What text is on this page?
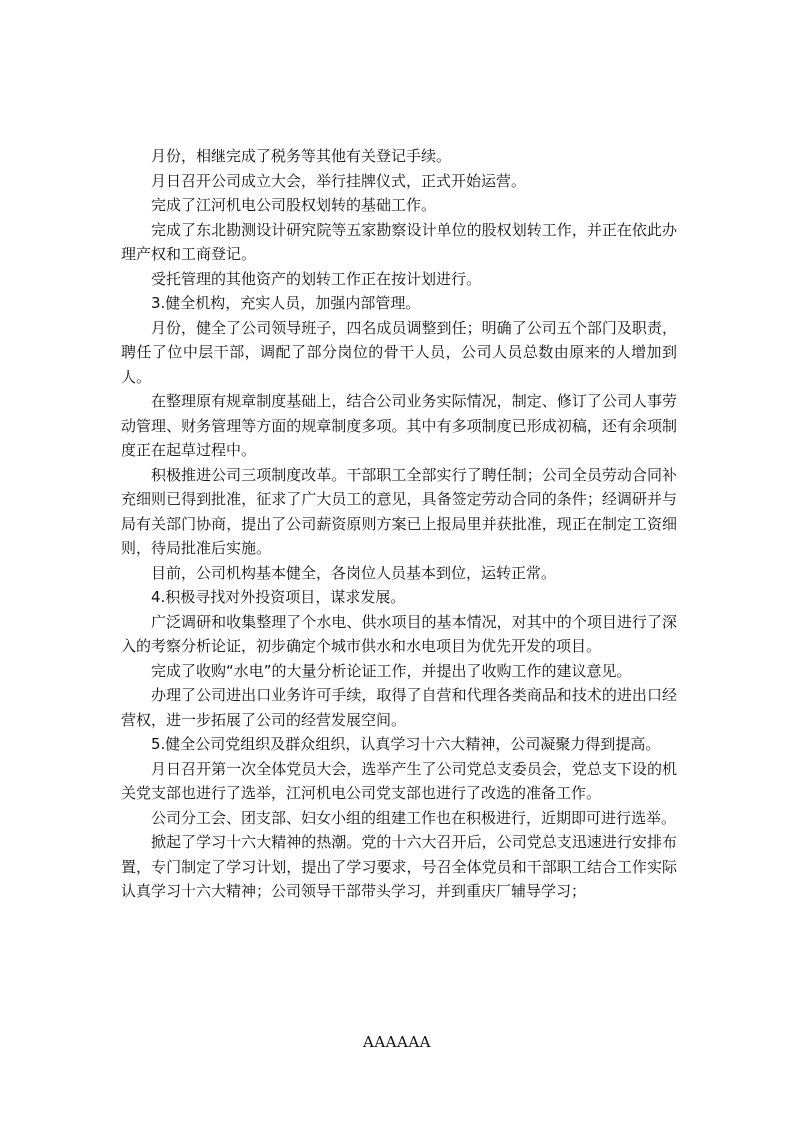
月份，相继完成了税务等其他有关登记手续。

月日召开公司成立大会，举行挂牌仪式，正式开始运营。

完成了江河机电公司股权划转的基础工作。

完成了东北勘测设计研究院等五家勘察设计单位的股权划转工作，并正在依此办理产权和工商登记。

受托管理的其他资产的划转工作正在按计划进行。

3.健全机构，充实人员，加强内部管理。

月份，健全了公司领导班子，四名成员调整到任；明确了公司五个部门及职责，聘任了位中层干部，调配了部分岗位的骨干人员，公司人员总数由原来的人增加到人。

在整理原有规章制度基础上，结合公司业务实际情况，制定、修订了公司人事劳动管理、财务管理等方面的规章制度多项。其中有多项制度已形成初稿，还有余项制度正在起草过程中。

积极推进公司三项制度改革。干部职工全部实行了聘任制；公司全员劳动合同补充细则已得到批准，征求了广大员工的意见，具备签定劳动合同的条件；经调研并与局有关部门协商，提出了公司薪资原则方案已上报局里并获批准，现正在制定工资细则，待局批准后实施。

目前，公司机构基本健全，各岗位人员基本到位，运转正常。

4.积极寻找对外投资项目，谋求发展。

广泛调研和收集整理了个水电、供水项目的基本情况，对其中的个项目进行了深入的考察分析论证，初步确定个城市供水和水电项目为优先开发的项目。

完成了收购“水电”的大量分析论证工作，并提出了收购工作的建议意见。

办理了公司进出口业务许可手续，取得了自营和代理各类商品和技术的进出口经营权，进一步拓展了公司的经营发展空间。

5.健全公司党组织及群众组织，认真学习十六大精神，公司凝聚力得到提高。

月日召开第一次全体党员大会，选举产生了公司党总支委员会，党总支下设的机关党支部也进行了选举，江河机电公司党支部也进行了改选的准备工作。

公司分工会、团支部、妇女小组的组建工作也在积极进行，近期即可进行选举。

掀起了学习十六大精神的热潮。党的十六大召开后，公司党总支迅速进行安排布置，专门制定了学习计划，提出了学习要求，号召全体党员和干部职工结合工作实际认真学习十六大精神；公司领导干部带头学习，并到重庆厂辅导学习；

AAAAAA
